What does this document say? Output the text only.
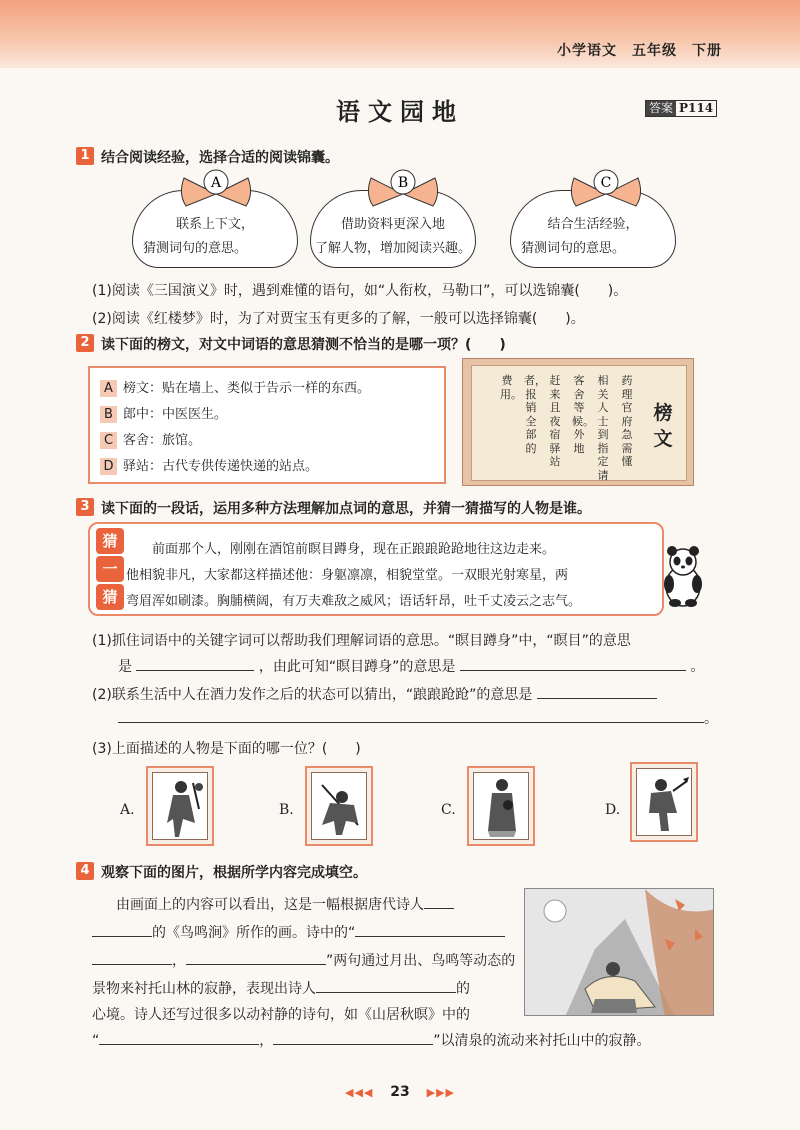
小学语文　五年级　下册
语文园地	答案 P114
1 结合阅读经验，选择合适的阅读锦囊。
联系上下文，
猜测词句的意思。
借助资料更深入地
了解人物，增加阅读兴趣。
结合生活经验，
猜测词句的意思。
A	B	C
(1)阅读《三国演义》时，遇到难懂的语句，如“人衔枚，马勒口”，可以选锦囊(　　)。
(2)阅读《红楼梦》时，为了对贾宝玉有更多的了解，一般可以选择锦囊(　　)。
2 读下面的榜文，对文中词语的意思猜测不恰当的是哪一项？(　　)
A 榜文：贴在墙上、类似于告示一样的东西。
B 郎中：中医医生。
C 客舍：旅馆。
D 驿站：古代专供传递快递的站点。
药理官府急需懂
相关人士到指定请
客舍等候。外地
赶来且夜宿驿站
者，报销全部的
费用。
榜文
3 读下面的一段话，运用多种方法理解加点词的意思，并猜一猜描写的人物是谁。
前面那个人，刚刚在酒馆前瞑目蹲身，现在正踉踉跄跄地往这边走来。
他相貌非凡，大家都这样描述他：身躯凛凛，相貌堂堂。一双眼光射寒星，两
弯眉浑如刷漆。胸脯横阔，有万夫难敌之威风；语话轩昂，吐千丈凌云之志气。
猜
一
猜
(1)抓住词语中的关键字词可以帮助我们理解词语的意思。“瞑目蹲身”中，“瞑目”的意思
是	，由此可知“瞑目蹲身”的意思是	。
(2)联系生活中人在酒力发作之后的状态可以猜出，“踉踉跄跄”的意思是
。
(3)上面描述的人物是下面的哪一位？(　　)
A.	B.	C.	D.
4 观察下面的图片，根据所学内容完成填空。
由画面上的内容可以看出，这是一幅根据唐代诗人
的《鸟鸣涧》所作的画。诗中的“
，	”两句通过月出、鸟鸣等动态的
景物来衬托山林的寂静，表现出诗人	的
心境。诗人还写过很多以动衬静的诗句，如《山居秋暝》中的
“	，	”以清泉的流动来衬托山中的寂静。
◀◀◀ 23 ▶▶▶
